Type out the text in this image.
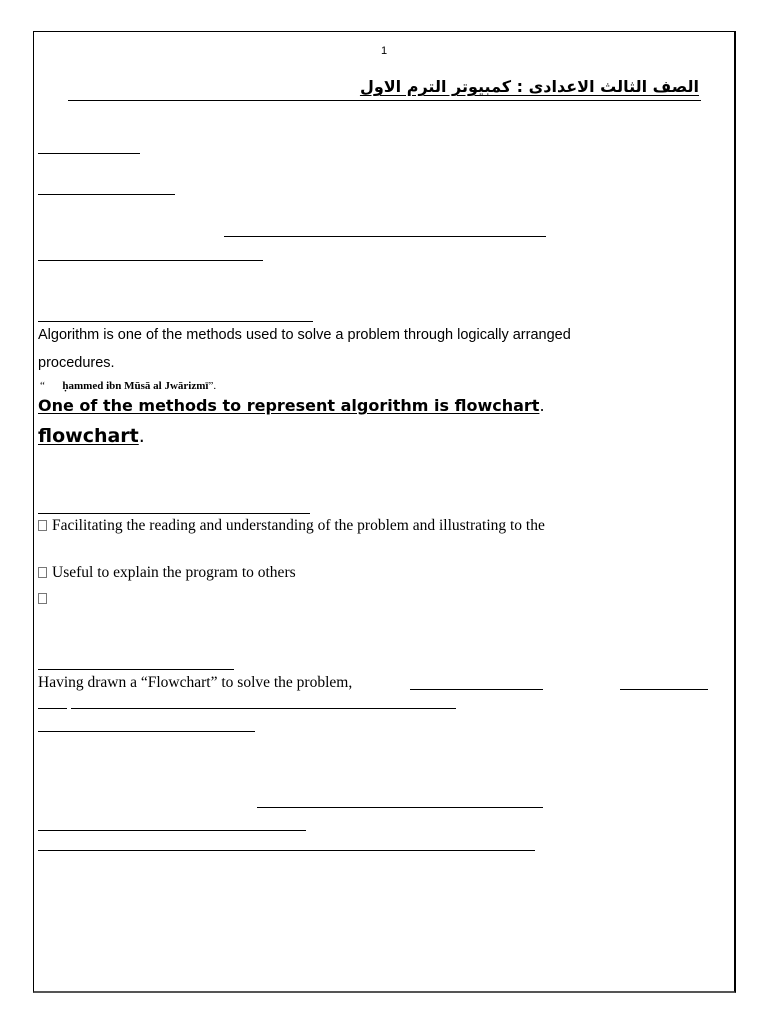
1
الصف الثالث الاعدادى : كمبيوتر الترم الاول
Algorithm is one of the methods used to solve a problem through logically arranged
procedures.
“ ḥammed ibn Mūsā al Jwārizmī”.
One of the methods to represent algorithm is flowchart.
flowchart.
Facilitating the reading and understanding of the problem and illustrating to the
Useful to explain the program to others
Having drawn a “Flowchart” to solve the problem,
